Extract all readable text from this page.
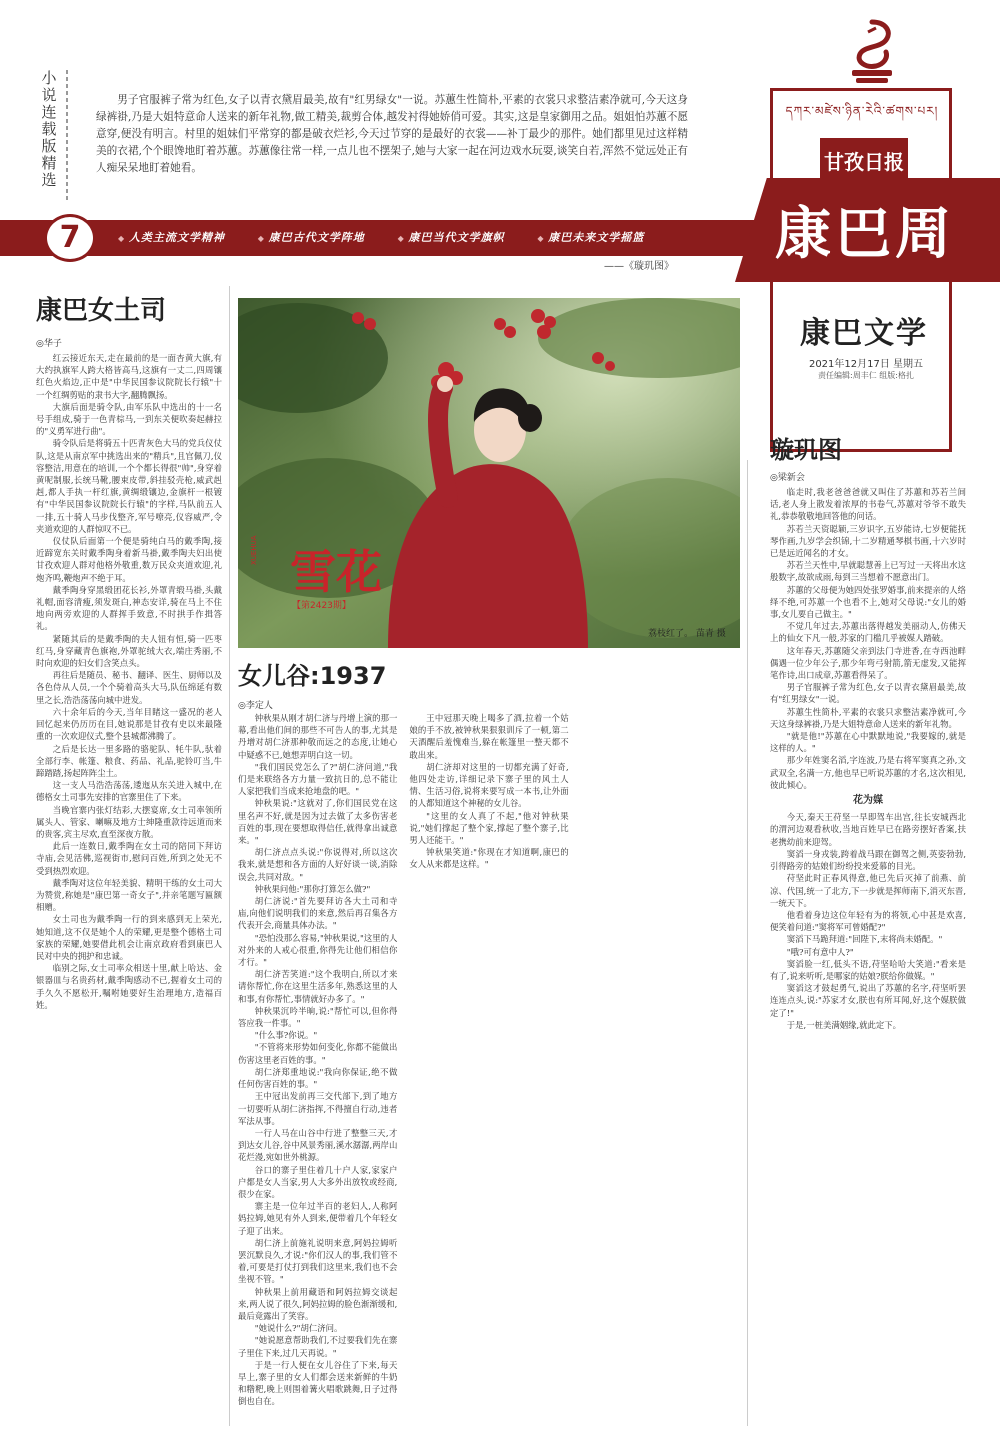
小说连载版精选

男子官服裤子常为红色,女子以青衣黛眉最美,故有"红男绿女"一说。苏蕙生性简朴,平素的衣裳只求整洁素净就可,今天这身绿裤褂,乃是大姐特意命人送来的新年礼物,做工精美,裁剪合体,越发衬得她娇俏可爱。其实,这是皇家御用之品。姐姐怕苏蕙不愿意穿,便没有明言。村里的姐妹们平常穿的都是破衣烂衫,今天过节穿的是最好的衣裳——补丁最少的那件。她们都里见过这样精美的衣裙,个个眼馋地盯着苏蕙。苏蕙像往常一样,一点儿也不摆架子,她与大家一起在河边戏水玩耍,谈笑自若,浑然不觉远处正有人痴呆呆地盯着她看。

——《璇玑图》

7	◆ 人类主流文学精神	◆ 康巴古代文学阵地	◆ 康巴当代文学旗帜	◆ 康巴未来文学摇篮
དཀར་མཛེས་ཉིན་རེའི་ཚགས་པར།
甘孜日报
康巴周末
康巴文学
2021年12月17日 星期五
责任编辑:周丰仁 组版:格扎
康巴女土司
◎华子

红云接近东天,走在最前的是一面杏黄大旗,有大约执旗军人跨大格皆高马,这旗有一丈二,四周镶红色火焰边,正中是"中华民国参议院院长行辕"十一个红绸剪贴的隶书大字,翻腾飘扬。

大旗后面是骑令队,由军乐队中选出的十一名号手组成,骑于一色青棕马,一到东关便吹奏起赫拉的"义勇军进行曲"。

骑令队后是将骑五十匹青灰色大马的党兵仪仗队,这是从南京军中挑选出来的"精兵",且官佩刀,仪容整洁,用意在的培训,一个个都长得很"帅",身穿着黄呢制服,长统马靴,腰束皮带,斜挂驳壳枪,威武赳赳,都人手执一杆红旗,黄绸缎镶边,金旗杆一根镀有"中华民国参议院院长行辕"的字样,马队前五人一排,五十骑人马步伐整齐,军号嘹亮,仪容威严,令夹道欢迎的人群惊叹不已。

仪仗队后面第一个便是骑纯白马的戴季陶,接近蹄宽东关时戴季陶身着新马褂,戴季陶夫妇出使甘孜欢迎人群对他格外敬重,数万民众夹道欢迎,礼炮齐鸣,鞭炮声不绝于耳。

戴季陶身穿黑缎团花长衫,外罩青缎马褂,头戴礼帽,面容清瘦,须发斑白,神态安详,骑在马上不住地向两旁欢迎的人群挥手致意,不时拱手作揖答礼。

紧随其后的是戴季陶的夫人钮有恒,骑一匹枣红马,身穿藏青色旗袍,外罩驼绒大衣,端庄秀丽,不时向欢迎的妇女们含笑点头。

再往后是随员、秘书、翻译、医生、厨师以及各色侍从人员,一个个骑着高头大马,队伍绵延有数里之长,浩浩荡荡向城中进发。

六十余年后的今天,当年目睹这一盛况的老人回忆起来仍历历在目,她说那是甘孜有史以来最隆重的一次欢迎仪式,整个县城都沸腾了。

之后是长达一里多路的骆驼队、牦牛队,驮着全部行李、帐篷、粮食、药品、礼品,驼铃叮当,牛蹄踏踏,扬起阵阵尘土。

这一支人马浩浩荡荡,逶迤从东关进入城中,在德格女土司事先安排的官寨里住了下来。

当晚官寨内张灯结彩,大摆宴席,女土司率领所属头人、管家、喇嘛及地方士绅隆重款待远道而来的贵客,宾主尽欢,直至深夜方散。

此后一连数日,戴季陶在女土司的陪同下拜访寺庙,会见活佛,巡视街市,慰问百姓,所到之处无不受到热烈欢迎。

戴季陶对这位年轻美貌、精明干练的女土司大为赞赏,称她是"康巴第一奇女子",并亲笔题写匾额相赠。

女土司也为戴季陶一行的到来感到无上荣光,她知道,这不仅是她个人的荣耀,更是整个德格土司家族的荣耀,她要借此机会让南京政府看到康巴人民对中央的拥护和忠诚。

临别之际,女土司率众相送十里,献上哈达、金银器皿与名贵药材,戴季陶感动不已,握着女土司的手久久不愿松开,嘱咐她要好生治理地方,造福百姓。

雪花
XUEHUA
【第2423期】
荔枝红了。 苗青 摄
女儿谷:1937
◎李定人

钟秋果从刚才胡仁济与丹增上演的那一幕,看出他们间的那些不可告人的事,尤其是丹增对胡仁济那种敬而远之的态度,让她心中疑惑不已,她想弄明白这一切。

"我们国民党怎么了?"胡仁济问道,"我们是来联络各方力量一致抗日的,总不能让人家把我们当成来抢地盘的吧。"

钟秋果说:"这就对了,你们国民党在这里名声不好,就是因为过去做了太多伤害老百姓的事,现在要想取得信任,就得拿出诚意来。"

胡仁济点点头说:"你说得对,所以这次我来,就是想和各方面的人好好谈一谈,消除误会,共同对敌。"

钟秋果问他:"那你打算怎么做?"

胡仁济说:"首先要拜访各大土司和寺庙,向他们说明我们的来意,然后再召集各方代表开会,商量具体办法。"

"恐怕没那么容易,"钟秋果说,"这里的人对外来的人戒心很重,你得先让他们相信你才行。"

胡仁济苦笑道:"这个我明白,所以才来请你帮忙,你在这里生活多年,熟悉这里的人和事,有你帮忙,事情就好办多了。"

钟秋果沉吟半晌,说:"帮忙可以,但你得答应我一件事。"

"什么事?你说。"

"不管将来形势如何变化,你都不能做出伤害这里老百姓的事。"

胡仁济郑重地说:"我向你保证,绝不做任何伤害百姓的事。"

王中冠出发前再三交代部下,到了地方一切要听从胡仁济指挥,不得擅自行动,违者军法从事。

一行人马在山谷中行进了整整三天,才到达女儿谷,谷中风景秀丽,溪水潺潺,两岸山花烂漫,宛如世外桃源。

谷口的寨子里住着几十户人家,家家户户都是女人当家,男人大多外出放牧或经商,很少在家。

寨主是一位年过半百的老妇人,人称阿妈拉姆,她见有外人到来,便带着几个年轻女子迎了出来。

胡仁济上前施礼说明来意,阿妈拉姆听罢沉默良久,才说:"你们汉人的事,我们管不着,可要是打仗打到我们这里来,我们也不会坐视不管。"

钟秋果上前用藏语和阿妈拉姆交谈起来,两人说了很久,阿妈拉姆的脸色渐渐缓和,最后竟露出了笑容。

"她说什么?"胡仁济问。

"她说愿意帮助我们,不过要我们先在寨子里住下来,过几天再说。"

于是一行人便在女儿谷住了下来,每天早上,寨子里的女人们都会送来新鲜的牛奶和糌粑,晚上则围着篝火唱歌跳舞,日子过得倒也自在。

王中冠那天晚上喝多了酒,拉着一个姑娘的手不放,被钟秋果狠狠训斥了一顿,第二天酒醒后羞愧难当,躲在帐篷里一整天都不敢出来。

胡仁济却对这里的一切都充满了好奇,他四处走访,详细记录下寨子里的风土人情、生活习俗,说将来要写成一本书,让外面的人都知道这个神秘的女儿谷。

"这里的女人真了不起,"他对钟秋果说,"她们撑起了整个家,撑起了整个寨子,比男人还能干。"

钟秋果笑道:"你现在才知道啊,康巴的女人从来都是这样。"

璇玑图
◎梁新会

临走时,我老爸爸爸就又叫住了苏蕙和苏若兰间话,老人身上散发着浓厚的书卷气,苏蕙对爷爷不敢失礼,恭恭敬敬地回答他的问话。

苏若兰天资聪颖,三岁识字,五岁能诗,七岁便能抚琴作画,九岁学会织锦,十二岁精通琴棋书画,十六岁时已是远近闻名的才女。

苏若兰天性中,早就聪慧善上已写过一天将出水这般数字,故欲成雨,每到三当想着不愿意出门。

苏蕙的父母便为她四处张罗婚事,前来提亲的人络绎不绝,可苏蕙一个也看不上,她对父母说:"女儿的婚事,女儿要自己做主。"

不觉几年过去,苏蕙出落得越发美丽动人,仿佛天上的仙女下凡一般,苏家的门槛几乎被媒人踏破。

这年春天,苏蕙随父亲到法门寺进香,在寺西池畔偶遇一位少年公子,那少年弯弓射箭,箭无虚发,又能挥笔作诗,出口成章,苏蕙看得呆了。

男子官服裤子常为红色,女子以青衣黛眉最美,故有"红男绿女"一说。

苏蕙生性简朴,平素的衣裳只求整洁素净就可,今天这身绿裤褂,乃是大姐特意命人送来的新年礼物。

"就是他!"苏蕙在心中默默地说,"我要嫁的,就是这样的人。"

那少年姓窦名滔,字连波,乃是右将军窦真之孙,文武双全,名满一方,他也早已听说苏蕙的才名,这次相见,彼此倾心。

花为媒

今天,秦天王苻坚一早即驾车出宫,往长安城西北的渭河边观看秋收,当地百姓早已在路旁摆好香案,扶老携幼前来迎驾。

窦滔一身戎装,跨着战马跟在御驾之侧,英姿勃勃,引得路旁的姑娘们纷纷投来爱慕的目光。

苻坚此时正春风得意,他已先后灭掉了前燕、前凉、代国,统一了北方,下一步就是挥师南下,消灭东晋,一统天下。

他看着身边这位年轻有为的将领,心中甚是欢喜,便笑着问道:"窦将军可曾婚配?"

窦滔下马跪拜道:"回陛下,末将尚未婚配。"

"哦?可有意中人?"

窦滔脸一红,低头不语,苻坚哈哈大笑道:"看来是有了,说来听听,是哪家的姑娘?朕给你做媒。"

窦滔这才鼓起勇气,说出了苏蕙的名字,苻坚听罢连连点头,说:"苏家才女,朕也有所耳闻,好,这个媒朕做定了!"

于是,一桩美满姻缘,就此定下。
